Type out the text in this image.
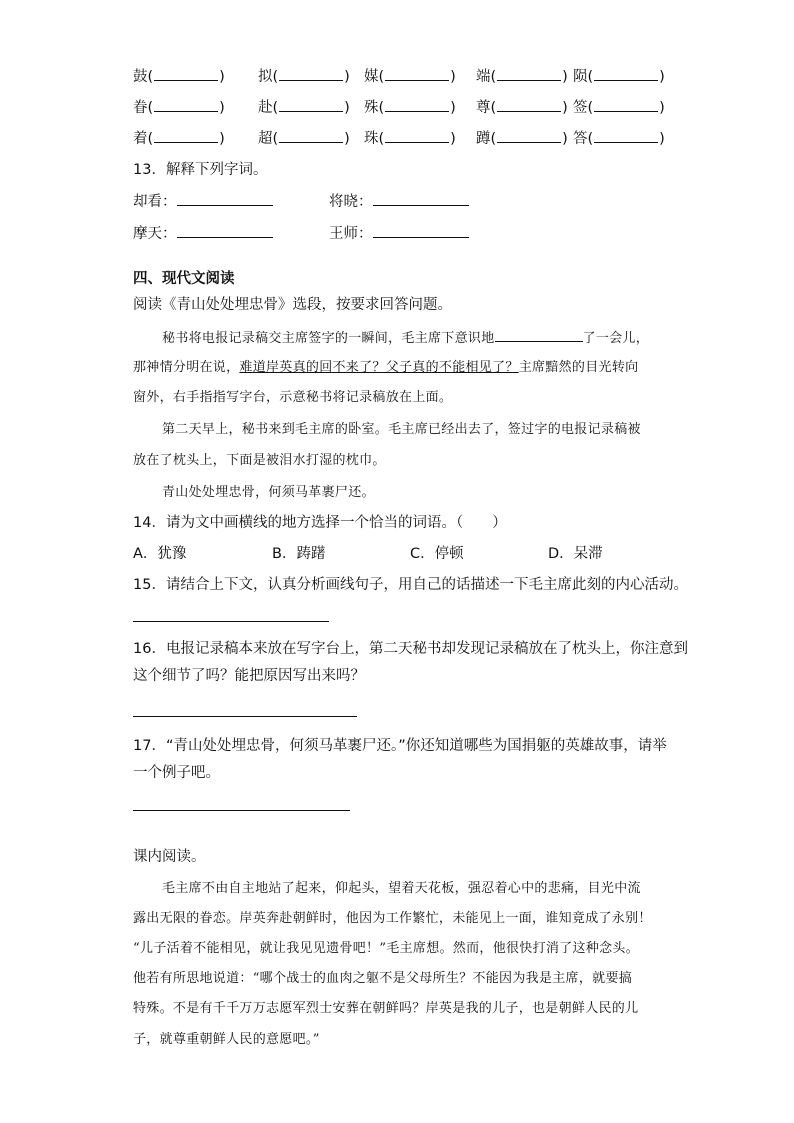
鼓(	) 拟(	) 媒(	) 端(	) 陨(	)
眷(	) 赴(	) 殊(	) 尊(	) 签(	)
着(	) 超(	) 珠(	) 蹲(	) 答(	)
13．解释下列字词。
却看：	将晓：
摩天：	王师：
四、现代文阅读
阅读《青山处处埋忠骨》选段，按要求回答问题。
秘书将电报记录稿交主席签字的一瞬间，毛主席下意识地	了一会儿，
那神情分明在说，难道岸英真的回不来了？父子真的不能相见了？主席黯然的目光转向
窗外，右手指指写字台，示意秘书将记录稿放在上面。
第二天早上，秘书来到毛主席的卧室。毛主席已经出去了，签过字的电报记录稿被
放在了枕头上，下面是被泪水打湿的枕巾。
青山处处埋忠骨，何须马革裹尸还。
14．请为文中画横线的地方选择一个恰当的词语。（　　）
A．犹豫	B．踌躇	C．停顿	D．呆滞
15．请结合上下文，认真分析画线句子，用自己的话描述一下毛主席此刻的内心活动。
16．电报记录稿本来放在写字台上，第二天秘书却发现记录稿放在了枕头上，你注意到
这个细节了吗？能把原因写出来吗？
17．“青山处处埋忠骨，何须马革裹尸还。”你还知道哪些为国捐躯的英雄故事，请举
一个例子吧。
课内阅读。
毛主席不由自主地站了起来，仰起头，望着天花板，强忍着心中的悲痛，目光中流
露出无限的眷恋。岸英奔赴朝鲜时，他因为工作繁忙，未能见上一面，谁知竟成了永别！
“儿子活着不能相见，就让我见见遗骨吧！”毛主席想。然而，他很快打消了这种念头。
他若有所思地说道：“哪个战士的血肉之躯不是父母所生？不能因为我是主席，就要搞
特殊。不是有千千万万志愿军烈士安葬在朝鲜吗？岸英是我的儿子，也是朝鲜人民的儿
子，就尊重朝鲜人民的意愿吧。”
